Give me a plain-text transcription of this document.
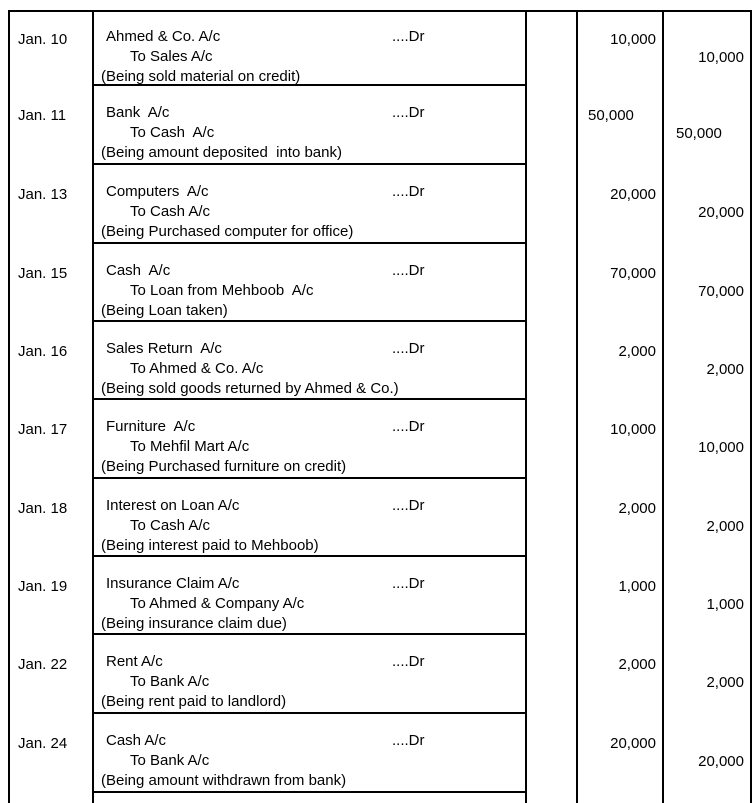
Jan. 10	Ahmed & Co. A/c	....Dr
To Sales A/c
(Being sold material on credit)
10,000
10,000
Jan. 11	Bank  A/c	....Dr
To Cash  A/c
(Being amount deposited  into bank)
50,000
50,000
Jan. 13	Computers  A/c	....Dr
To Cash A/c
(Being Purchased computer for office)
20,000
20,000
Jan. 15	Cash  A/c	....Dr
To Loan from Mehboob  A/c
(Being Loan taken)
70,000
70,000
Jan. 16	Sales Return  A/c	....Dr
To Ahmed & Co. A/c
(Being sold goods returned by Ahmed & Co.)
2,000
2,000
Jan. 17	Furniture  A/c	....Dr
To Mehfil Mart A/c
(Being Purchased furniture on credit)
10,000
10,000
Jan. 18	Interest on Loan A/c	....Dr
To Cash A/c
(Being interest paid to Mehboob)
2,000
2,000
Jan. 19	Insurance Claim A/c	....Dr
To Ahmed & Company A/c
(Being insurance claim due)
1,000
1,000
Jan. 22	Rent A/c	....Dr
To Bank A/c
(Being rent paid to landlord)
2,000
2,000
Jan. 24	Cash A/c	....Dr
To Bank A/c
(Being amount withdrawn from bank)
20,000
20,000
